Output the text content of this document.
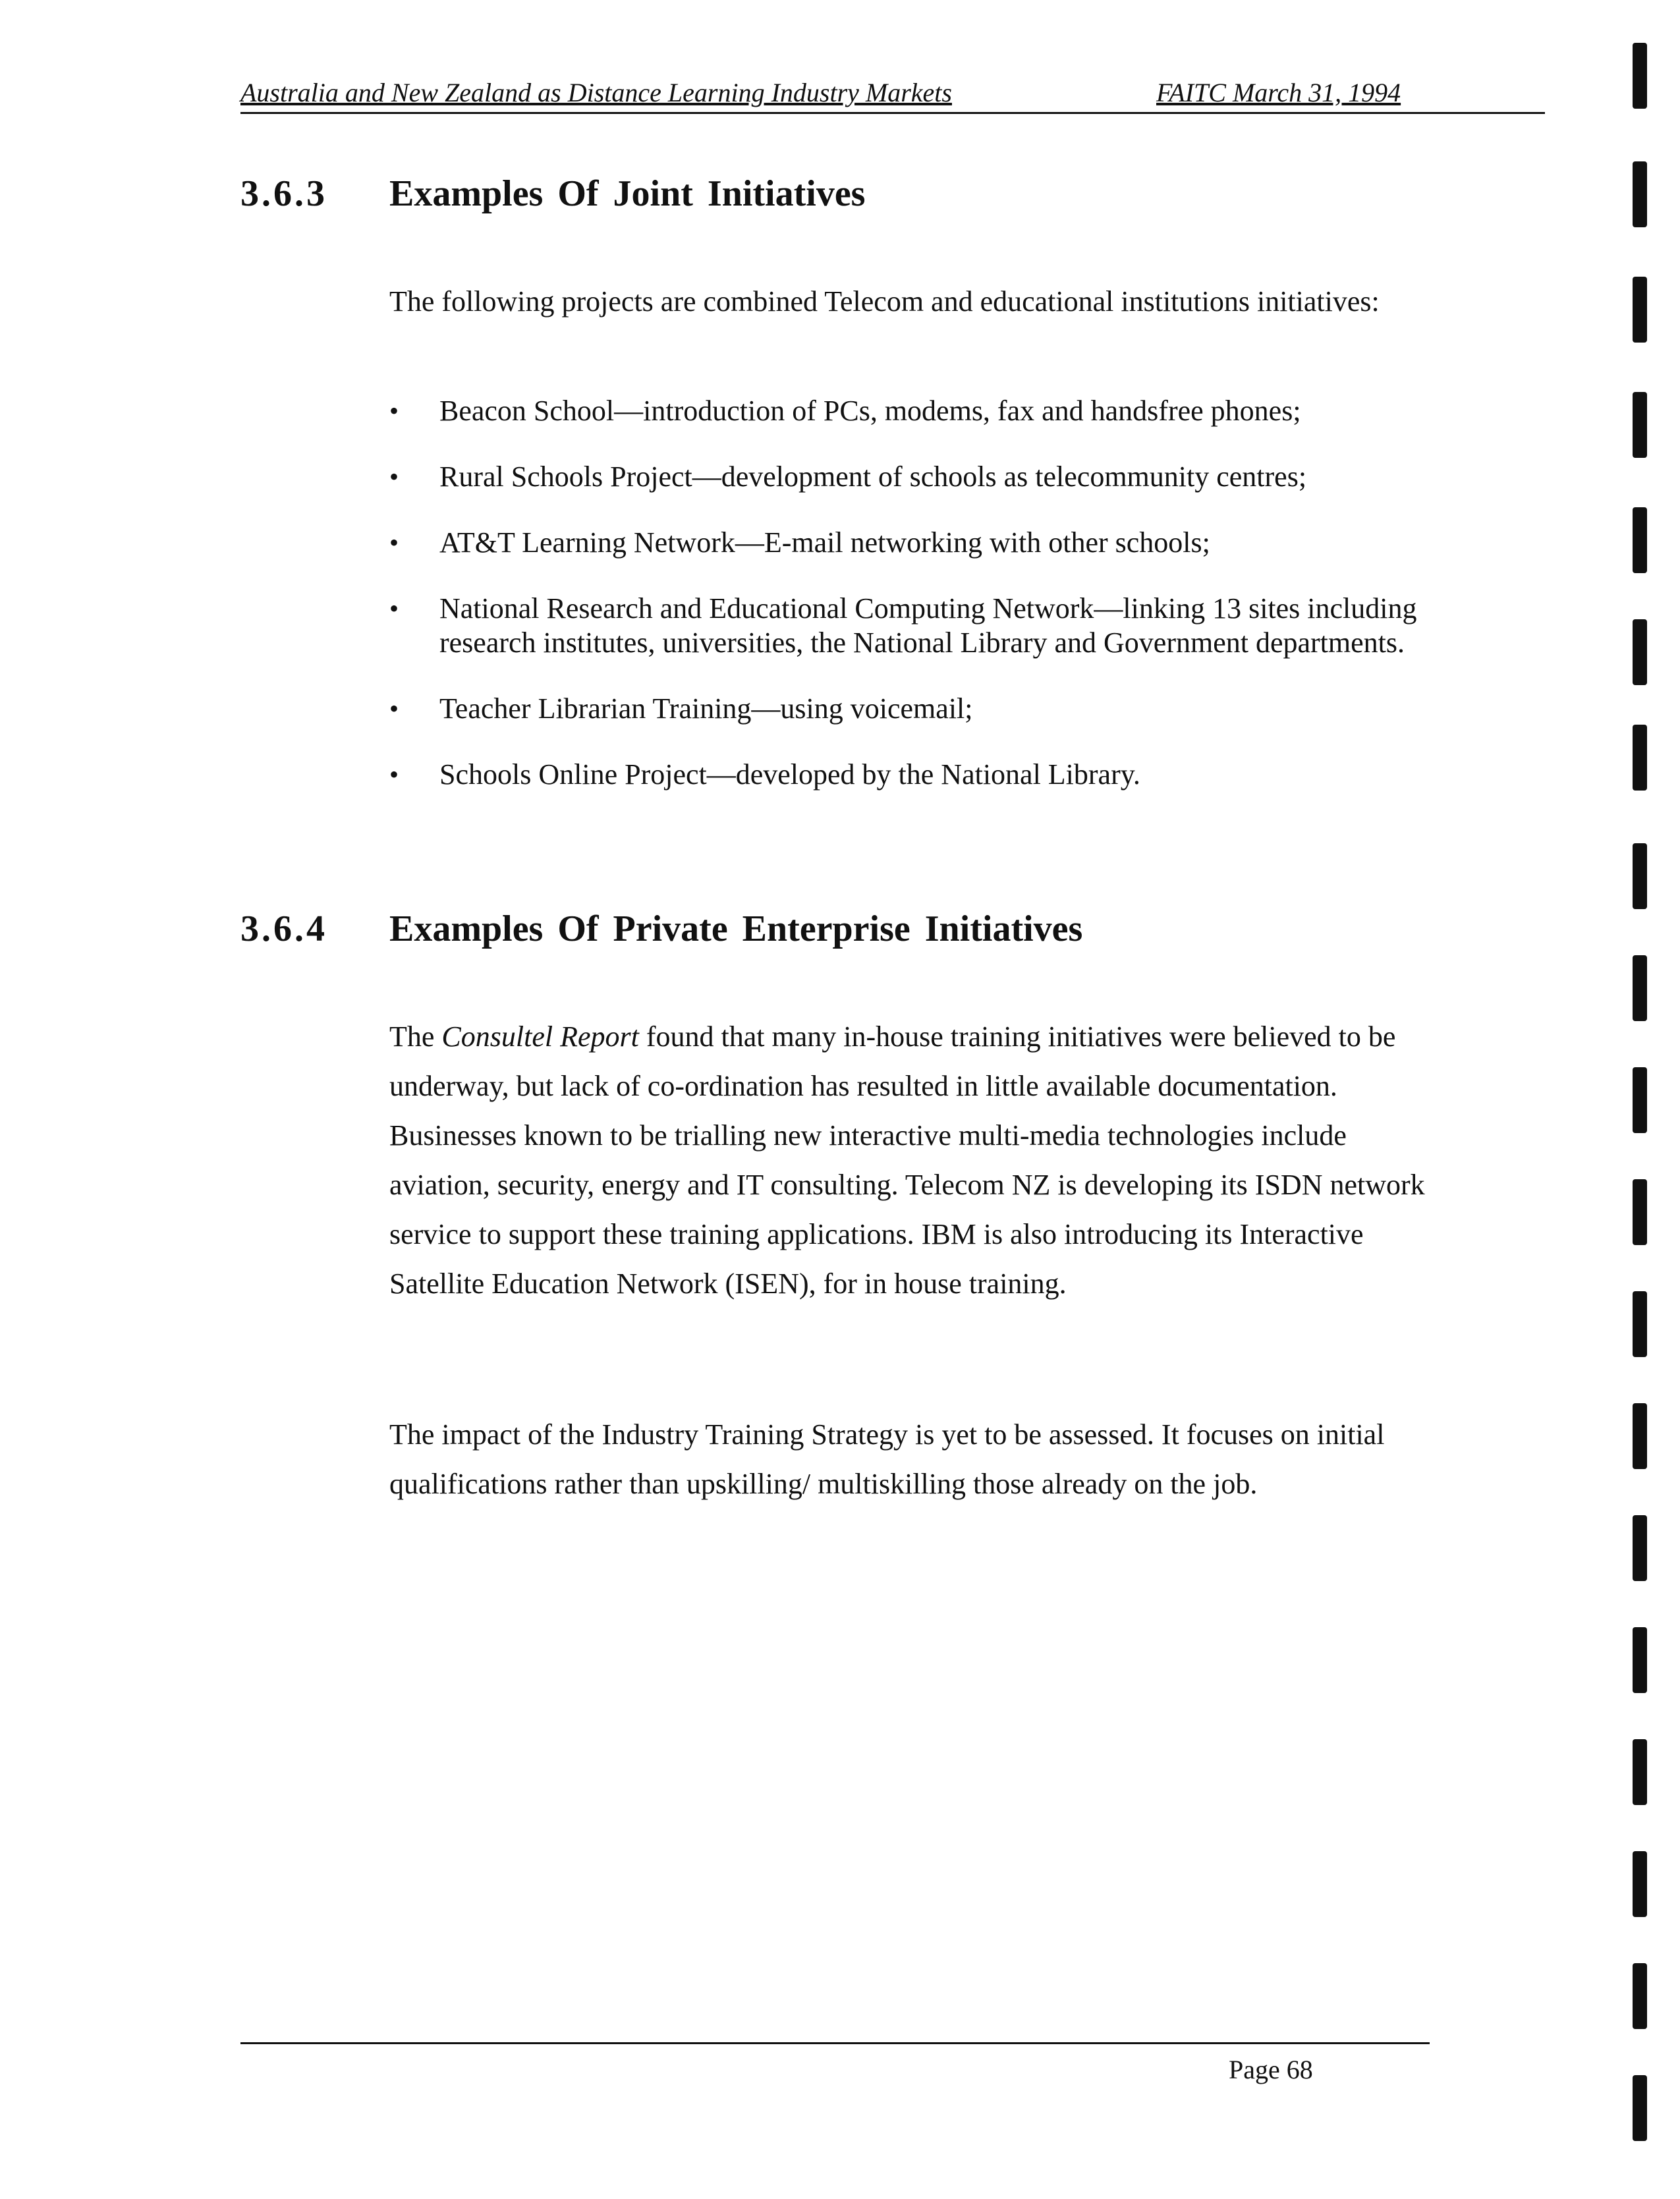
Australia and New Zealand as Distance Learning Industry Markets	FAITC March 31, 1994
3.6.3 Examples Of Joint Initiatives

The following projects are combined Telecom and educational institutions initiatives:

• Beacon School—introduction of PCs, modems, fax and handsfree phones;
• Rural Schools Project—development of schools as telecommunity centres;
• AT&T Learning Network—E-mail networking with other schools;
• National Research and Educational Computing Network—linking 13 sites including research institutes, universities, the National Library and Government departments.
• Teacher Librarian Training—using voicemail;
• Schools Online Project—developed by the National Library.
3.6.4 Examples Of Private Enterprise Initiatives

The Consultel Report found that many in-house training initiatives were believed to be underway, but lack of co-ordination has resulted in little available documentation. Businesses known to be trialling new interactive multi-media technologies include aviation, security, energy and IT consulting. Telecom NZ is developing its ISDN network service to support these training applications. IBM is also introducing its Interactive Satellite Education Network (ISEN), for in house training.

The impact of the Industry Training Strategy is yet to be assessed. It focuses on initial qualifications rather than upskilling/ multiskilling those already on the job.

Page 68
